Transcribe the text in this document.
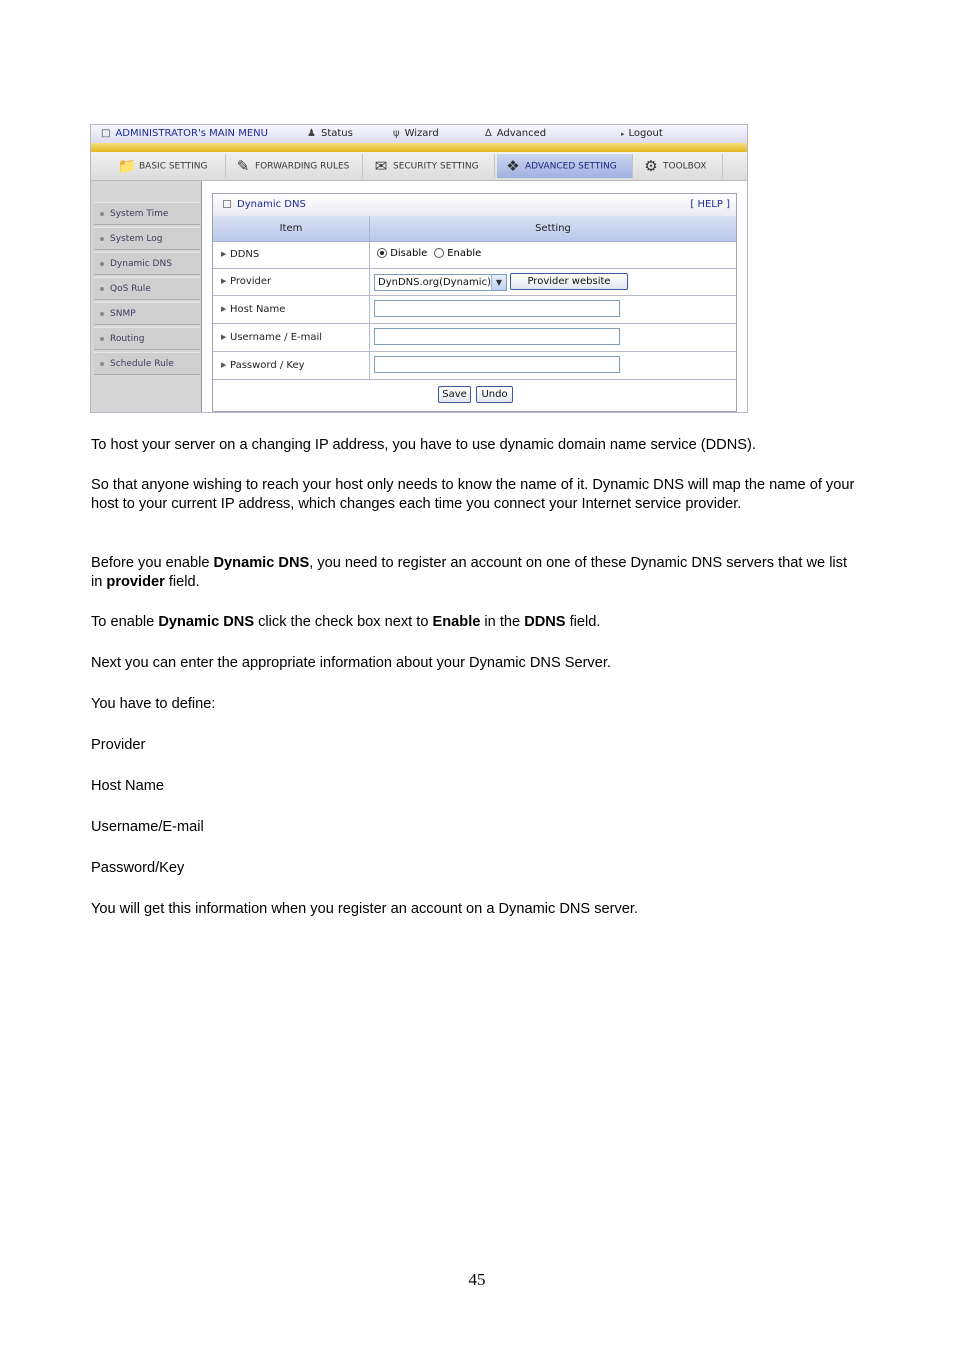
□ ADMINISTRATOR's MAIN MENU	♟ Status	ψ Wizard	∆ Advanced	▸ Logout
📁 BASIC SETTING	✎ FORWARDING RULES	✉ SECURITY SETTING	❖ ADVANCED SETTING	⚙ TOOLBOX
System Time
System Log
Dynamic DNS
QoS Rule
SNMP
Routing
Schedule Rule
Dynamic DNS	[ HELP ]
Item	Setting
▶ DDNS	Disable	Enable
▶ Provider	DynDNS.org(Dynamic) ▼	Provider website
▶ Host Name
▶ Username / E-mail
▶ Password / Key
Save	Undo

To host your server on a changing IP address, you have to use dynamic domain name service (DDNS).

So that anyone wishing to reach your host only needs to know the name of it. Dynamic DNS will map the name of your host to your current IP address, which changes each time you connect your Internet service provider.

Before you enable Dynamic DNS, you need to register an account on one of these Dynamic DNS servers that we list in provider field.

To enable Dynamic DNS click the check box next to Enable in the DDNS field.

Next you can enter the appropriate information about your Dynamic DNS Server.

You have to define:

Provider

Host Name

Username/E-mail

Password/Key

You will get this information when you register an account on a Dynamic DNS server.

45
